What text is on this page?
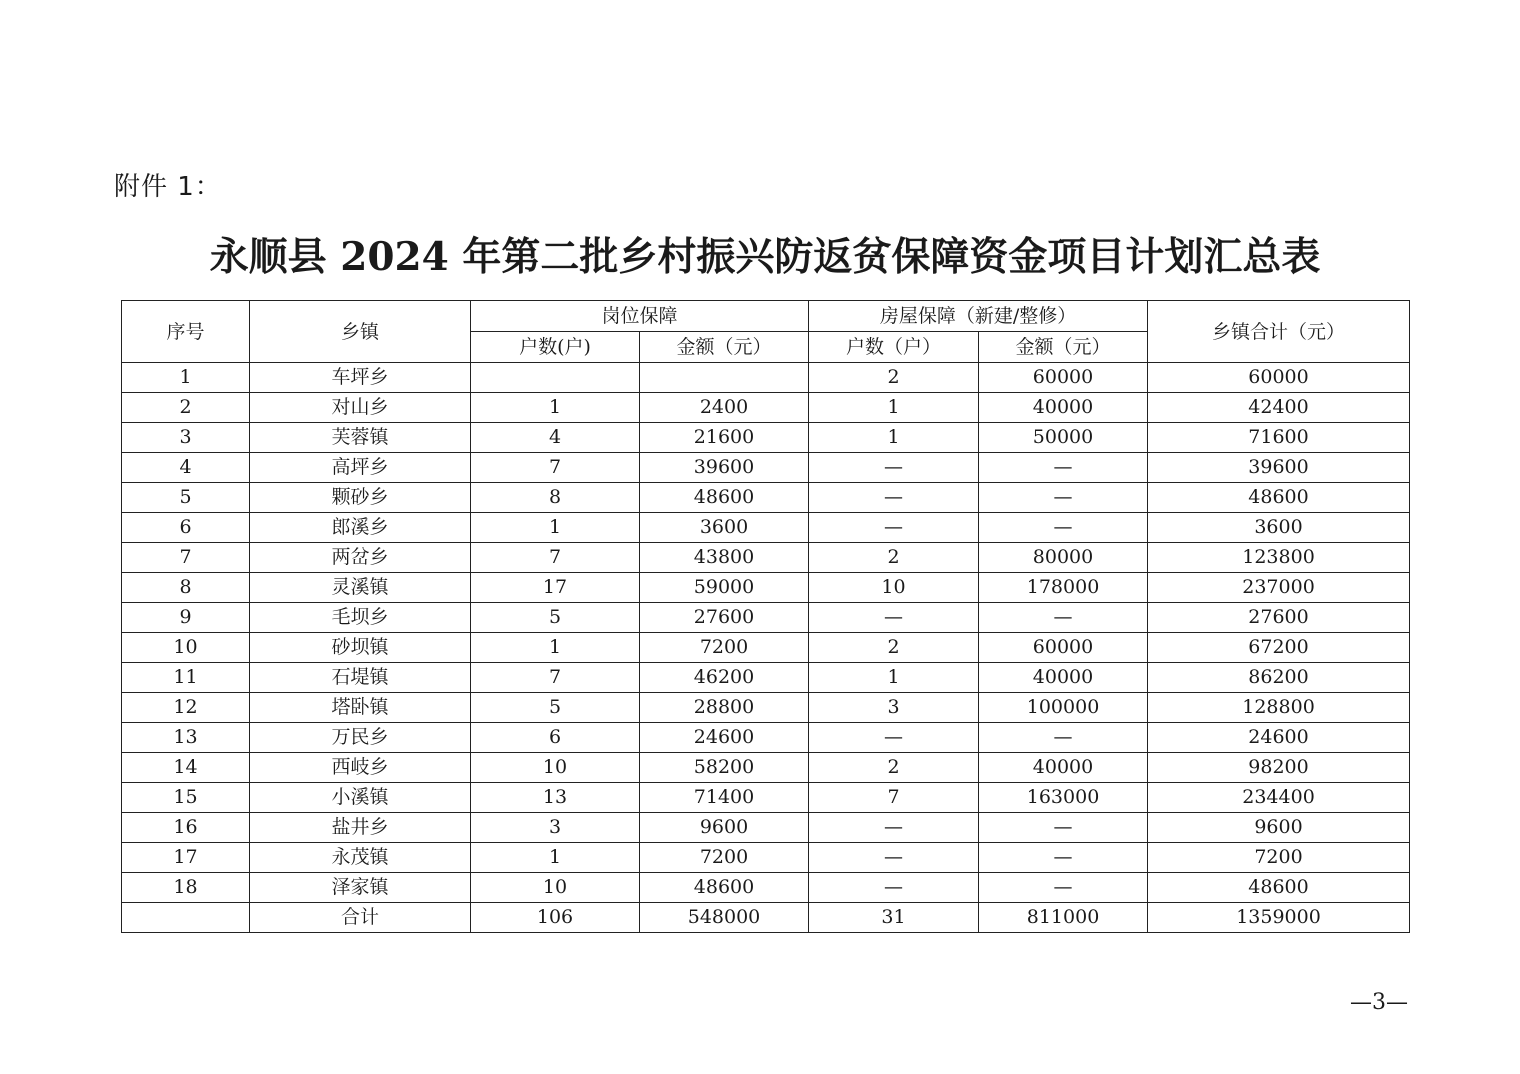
附件 1：
永顺县 2024 年第二批乡村振兴防返贫保障资金项目计划汇总表
序号	乡镇	岗位保障		房屋保障（新建/整修）		乡镇合计（元）
		户数(户)	金额（元）	户数（户）	金额（元）	
1	车坪乡			2	60000	60000
2	对山乡	1	2400	1	40000	42400
3	芙蓉镇	4	21600	1	50000	71600
4	高坪乡	7	39600	—	—	39600
5	颗砂乡	8	48600	—	—	48600
6	郎溪乡	1	3600	—	—	3600
7	两岔乡	7	43800	2	80000	123800
8	灵溪镇	17	59000	10	178000	237000
9	毛坝乡	5	27600	—	—	27600
10	砂坝镇	1	7200	2	60000	67200
11	石堤镇	7	46200	1	40000	86200
12	塔卧镇	5	28800	3	100000	128800
13	万民乡	6	24600	—	—	24600
14	西岐乡	10	58200	2	40000	98200
15	小溪镇	13	71400	7	163000	234400
16	盐井乡	3	9600	—	—	9600
17	永茂镇	1	7200	—	—	7200
18	泽家镇	10	48600	—	—	48600
	合计	106	548000	31	811000	1359000
—3—
